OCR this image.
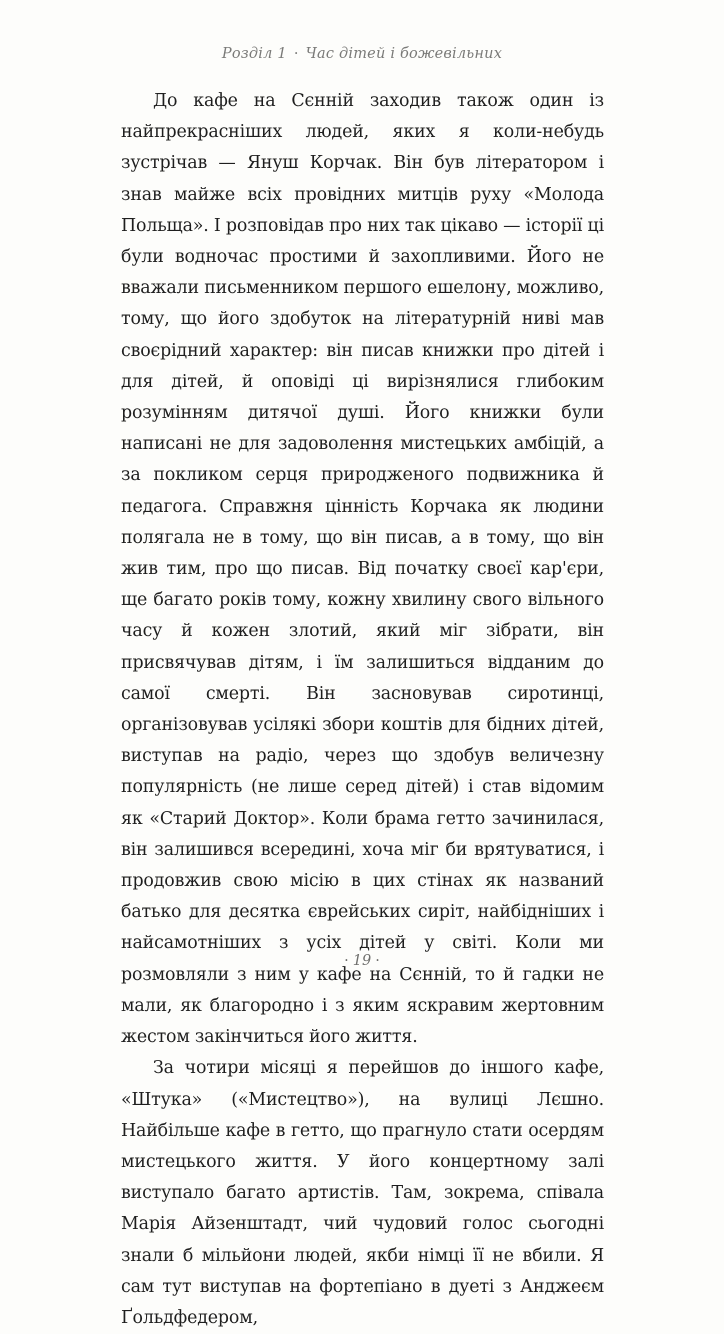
Розділ 1 · Час дітей і божевільних

До кафе на Сєнній заходив також один із найпрекрасніших людей, яких я коли-небудь зустрічав — Януш Корчак. Він був літератором і знав майже всіх провідних митців руху «Молода Польща». І розповідав про них так цікаво — історії ці були водночас простими й захопливими. Його не вважали письменником першого ешелону, можливо, тому, що його здобуток на літературній ниві мав своєрідний характер: він писав книжки про дітей і для дітей, й оповіді ці вирізнялися глибоким розумінням дитячої душі. Його книжки були написані не для задоволення мистецьких амбіцій, а за покликом серця природженого подвижника й педагога. Справжня цінність Корчака як людини полягала не в тому, що він писав, а в тому, що він жив тим, про що писав. Від початку своєї кар'єри, ще багато років тому, кожну хвилину свого вільного часу й кожен злотий, який міг зібрати, він присвячував дітям, і їм залишиться відданим до самої смерті. Він засновував сиротинці, організовував усілякі збори коштів для бідних дітей, виступав на радіо, через що здобув величезну популярність (не лише серед дітей) і став відомим як «Старий Доктор». Коли брама гетто зачинилася, він залишився всередині, хоча міг би врятуватися, і продовжив свою місію в цих стінах як названий батько для десятка єврейських сиріт, найбідніших і найсамотніших з усіх дітей у світі. Коли ми розмовляли з ним у кафе на Сєнній, то й гадки не мали, як благородно і з яким яскравим жертовним жестом закінчиться його життя.

За чотири місяці я перейшов до іншого кафе, «Штука» («Мистецтво»), на вулиці Лєшно. Найбільше кафе в гетто, що прагнуло стати осердям мистецького життя. У його концертному залі виступало багато артистів. Там, зокрема, співала Марія Айзенштадт, чий чудовий голос сьогодні знали б мільйони людей, якби німці її не вбили. Я сам тут виступав на фортепіано в дуеті з Анджеєм Ґольдфедером,

· 19 ·
